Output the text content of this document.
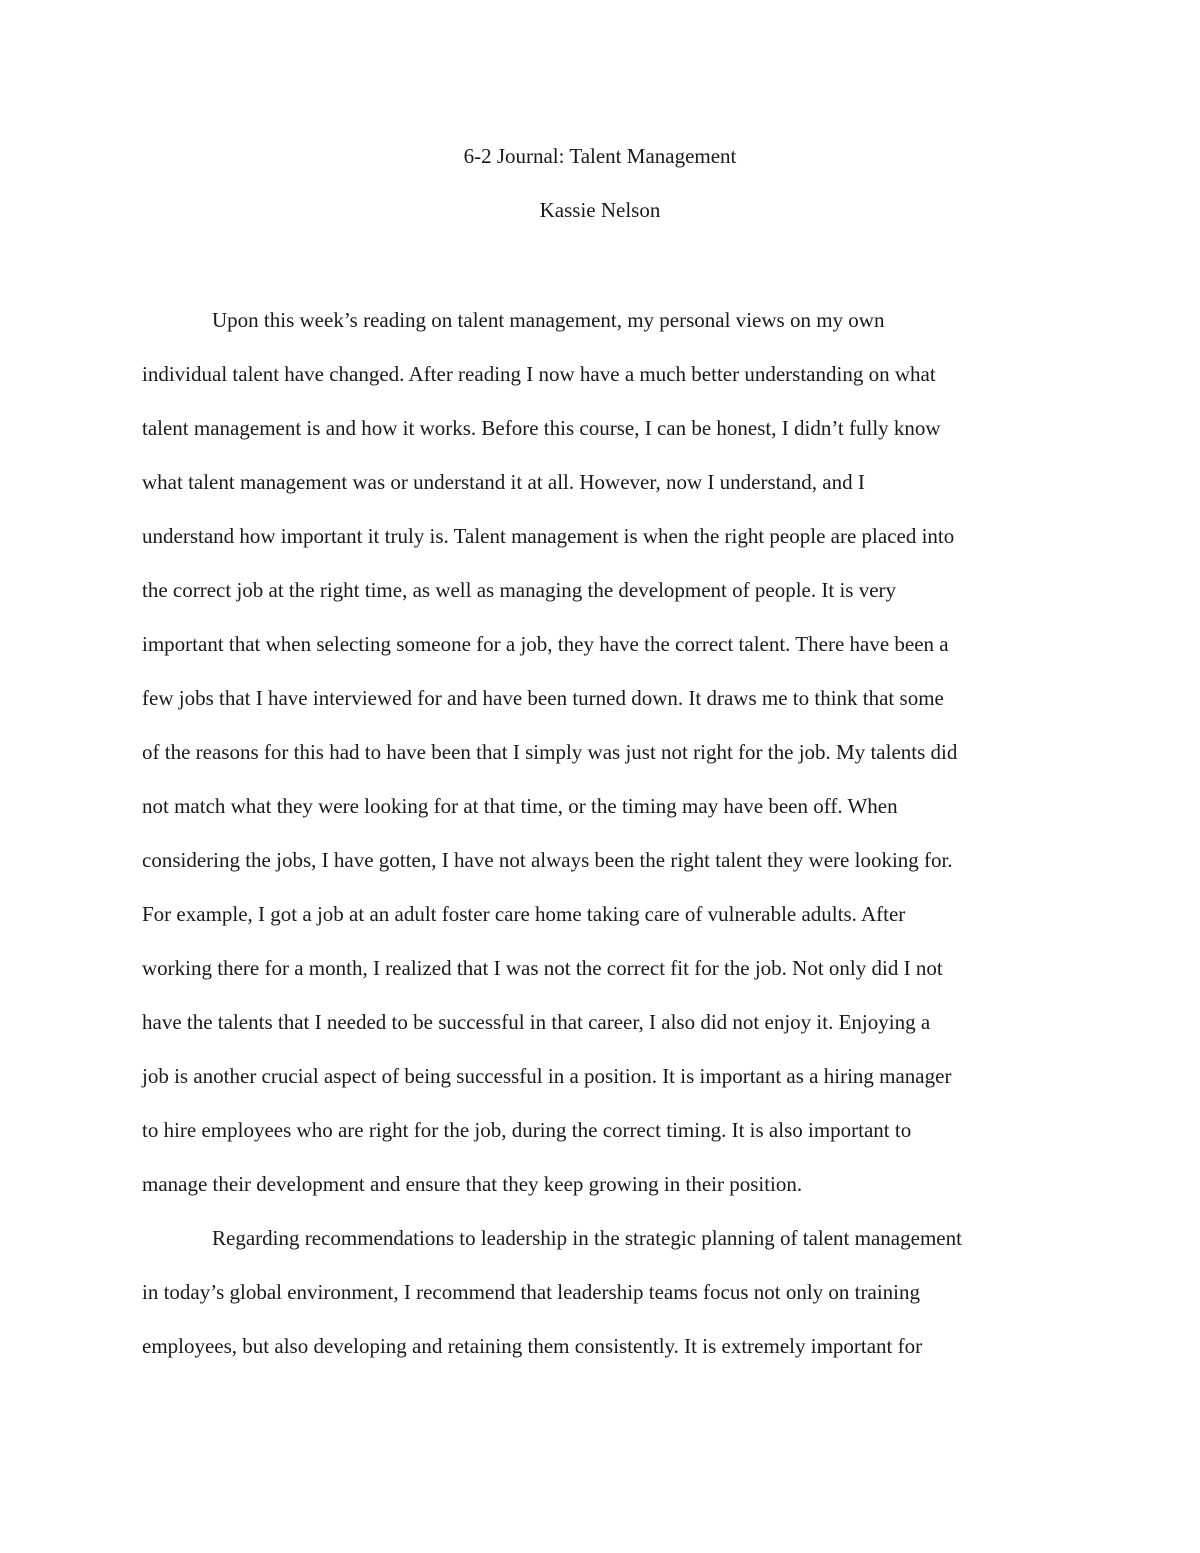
6-2 Journal: Talent Management
Kassie Nelson

Upon this week’s reading on talent management, my personal views on my own

individual talent have changed. After reading I now have a much better understanding on what

talent management is and how it works. Before this course, I can be honest, I didn’t fully know

what talent management was or understand it at all. However, now I understand, and I

understand how important it truly is. Talent management is when the right people are placed into

the correct job at the right time, as well as managing the development of people. It is very

important that when selecting someone for a job, they have the correct talent. There have been a

few jobs that I have interviewed for and have been turned down. It draws me to think that some

of the reasons for this had to have been that I simply was just not right for the job. My talents did

not match what they were looking for at that time, or the timing may have been off. When

considering the jobs, I have gotten, I have not always been the right talent they were looking for.

For example, I got a job at an adult foster care home taking care of vulnerable adults. After

working there for a month, I realized that I was not the correct fit for the job. Not only did I not

have the talents that I needed to be successful in that career, I also did not enjoy it. Enjoying a

job is another crucial aspect of being successful in a position. It is important as a hiring manager

to hire employees who are right for the job, during the correct timing. It is also important to

manage their development and ensure that they keep growing in their position.

Regarding recommendations to leadership in the strategic planning of talent management

in today’s global environment, I recommend that leadership teams focus not only on training

employees, but also developing and retaining them consistently. It is extremely important for
